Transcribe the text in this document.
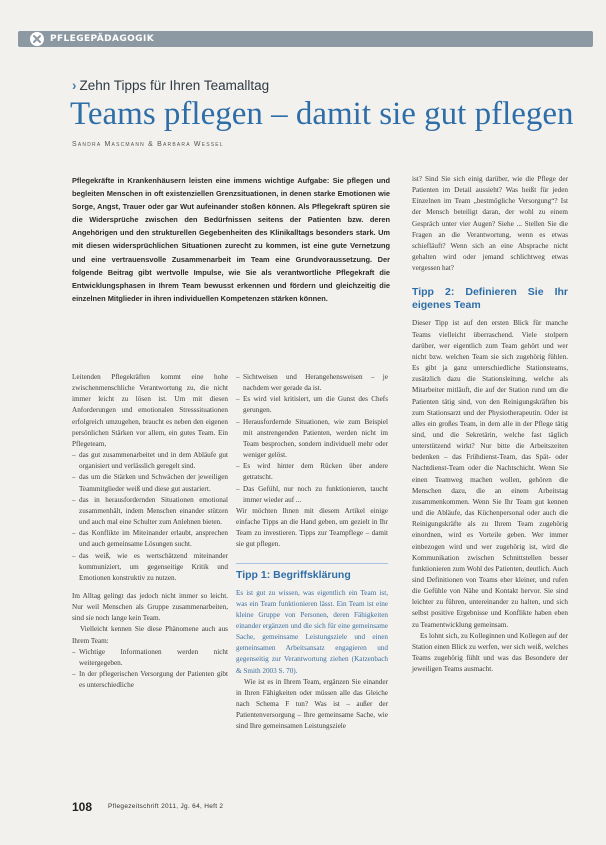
PFLEGEPÄDAGOGIK
› Zehn Tipps für Ihren Teamalltag
Teams pflegen – damit sie gut pflegen
Sandra Mascmann & Barbara Wessel
Pflegekräfte in Krankenhäusern leisten eine immens wichtige Aufgabe: Sie pflegen und begleiten Menschen in oft existenziellen Grenzsituationen, in denen starke Emotionen wie Sorge, Angst, Trauer oder gar Wut aufeinander stoßen können. Als Pflegekraft spüren sie die Widersprüche zwischen den Bedürfnissen seitens der Patienten bzw. deren Angehörigen und den strukturellen Gegebenheiten des Klinikalltags besonders stark. Um mit diesen widersprüchlichen Situationen zurecht zu kommen, ist eine gute Vernetzung und eine vertrauensvolle Zusammenarbeit im Team eine Grundvoraussetzung. Der folgende Beitrag gibt wertvolle Impulse, wie Sie als verantwortliche Pflegekraft die Entwicklungsphasen in Ihrem Team bewusst erkennen und fördern und gleichzeitig die einzelnen Mitglieder in ihren individuellen Kompetenzen stärken können.

Leitenden Pflegekräften kommt eine hohe zwischenmenschliche Verantwortung zu, die nicht immer leicht zu lösen ist. Um mit diesen Anforderungen und emotionalen Stresssituationen erfolgreich umzugehen, braucht es neben den eigenen persönlichen Stärken vor allem, ein gutes Team. Ein Pflegeteam,

– das gut zusammenarbeitet und in dem Abläufe gut organisiert und verlässlich geregelt sind.
– das um die Stärken und Schwächen der jeweiligen Teammitglieder weiß und diese gut austariert.
– das in herausfordernden Situationen emotional zusammenhält, indem Menschen einander stützen und auch mal eine Schulter zum Anlehnen bieten.
– das Konflikte im Miteinander erlaubt, ansprechen und auch gemeinsame Lösungen sucht.
– das weiß, wie es wertschätzend miteinander kommuniziert, um gegenseitige Kritik und Emotionen konstruktiv zu nutzen.

Im Alltag gelingt das jedoch nicht immer so leicht. Nur weil Menschen als Gruppe zusammenarbeiten, sind sie noch lange kein Team.

Vielleicht kennen Sie diese Phänomene auch aus Ihrem Team:

– Wichtige Informationen werden nicht weitergegeben.
– In der pflegerischen Versorgung der Patienten gibt es unterschiedliche
– Sichtweisen und Herangehensweisen – je nachdem wer gerade da ist.
– Es wird viel kritisiert, um die Gunst des Chefs gerungen.
– Herausfordernde Situationen, wie zum Beispiel mit anstrengenden Patienten, werden nicht im Team besprochen, sondern individuell mehr oder weniger gelöst.
– Es wird hinter dem Rücken über andere getratscht.
– Das Gefühl, nur noch zu funktionieren, taucht immer wieder auf ...

Wir möchten Ihnen mit diesem Artikel einige einfache Tipps an die Hand geben, um gezielt in Ihr Team zu investieren. Tipps zur Teampflege – damit sie gut pflegen.

Tipp 1: Begriffsklärung

Es ist gut zu wissen, was eigentlich ein Team ist, was ein Team funktionieren lässt. Ein Team ist eine kleine Gruppe von Personen, deren Fähigkeiten einander ergänzen und die sich für eine gemeinsame Sache, gemeinsame Leistungsziele und einen gemeinsamen Arbeitsansatz engagieren und gegenseitig zur Verantwortung ziehen (Katzenbach & Smith 2003 S. 70).

Wie ist es in Ihrem Team, ergänzen Sie einander in Ihren Fähigkeiten oder müssen alle das Gleiche nach Schema F tun? Was ist – außer der Patientenversorgung – Ihre gemeinsame Sache, wie sind Ihre gemeinsamen Leistungsziele

ist? Sind Sie sich einig darüber, wie die Pflege der Patienten im Detail aussieht? Was heißt für jeden Einzelnen im Team „bestmögliche Versorgung“? Ist der Mensch beteiligt daran, der wohl zu einem Gespräch unter vier Augen? Siehe ... Stellen Sie die Fragen an die Verantwortung, wenn es etwas schiefläuft? Wenn sich an eine Absprache nicht gehalten wird oder jemand schlichtweg etwas vergessen hat?

Tipp 2: Definieren Sie Ihr eigenes Team

Dieser Tipp ist auf den ersten Blick für manche Teams vielleicht überraschend. Viele stolpern darüber, wer eigentlich zum Team gehört und wer nicht bzw. welchen Team sie sich zugehörig fühlen. Es gibt ja ganz unterschiedliche Stationsteams, zusätzlich dazu die Stationsleitung, welche als Mitarbeiter mitläuft, die auf der Station rund um die Patienten tätig sind, von den Reinigungskräften bis zum Stationsarzt und der Physiotherapeutin. Oder ist alles ein großes Team, in dem alle in der Pflege tätig sind, und die Sekretärin, welche fast täglich unterstützend wirkt? Nur bitte die Arbeitszeiten bedenken – das Frühdienst-Team, das Spät- oder Nachtdienst-Team oder die Nachtschicht. Wenn Sie einen Teamweg machen wollen, gehören die Menschen dazu, die an einem Arbeitstag zusammenkommen. Wenn Sie Ihr Team gut kennen und die Abläufe, das Küchenpersonal oder auch die Reinigungskräfte als zu Ihrem Team zugehörig einordnen, wird es Vorteile geben. Wer immer einbezogen wird und wer zugehörig ist, wird die Kommunikation zwischen Schnittstellen besser funktionieren zum Wohl des Patienten, deutlich. Auch sind Definitionen von Teams eher kleiner, und rufen die Gefühle von Nähe und Kontakt hervor. Sie sind leichter zu führen, untereinander zu halten, und sich selbst positive Ergebnisse und Konflikte haben eben zu Teamentwicklung gemeinsam.

Es lohnt sich, zu Kolleginnen und Kollegen auf der Station einen Blick zu werfen, wer sich weiß, welches Teams zugehörig fühlt und was das Besondere der jeweiligen Teams ausmacht.

108 Pflegezeitschrift 2011, Jg. 64, Heft 2
